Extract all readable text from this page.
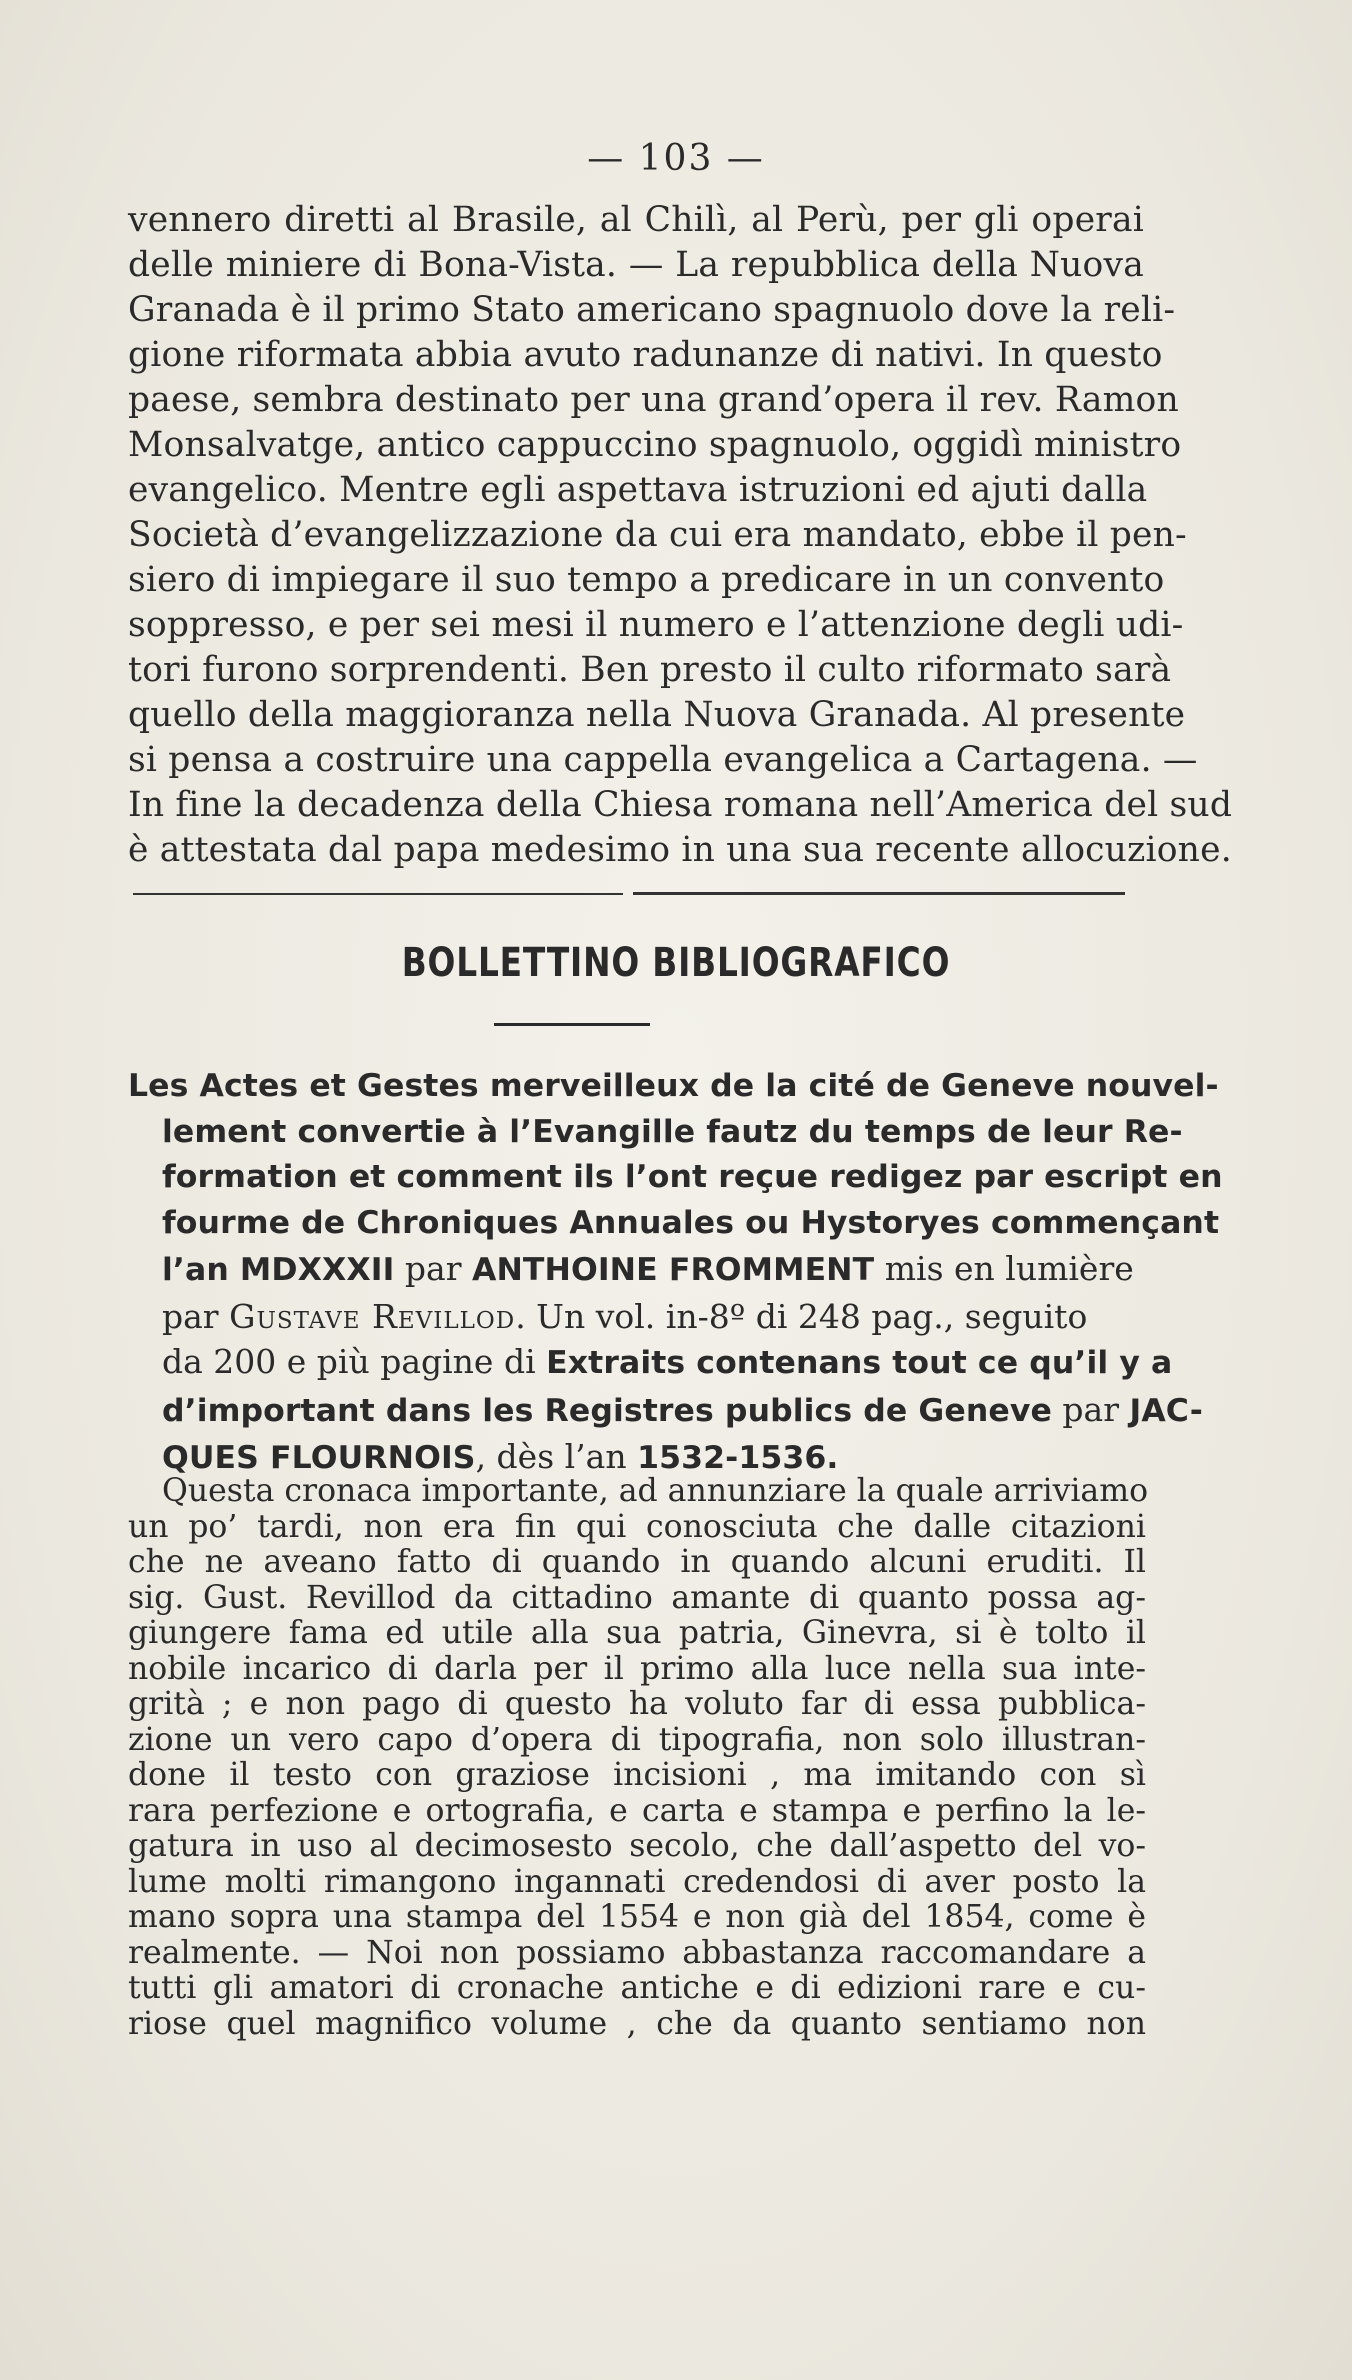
— 103 —
vennero diretti al Brasile, al Chilì, al Perù, per gli operai
delle miniere di Bona-Vista. — La repubblica della Nuova
Granada è il primo Stato americano spagnuolo dove la reli-
gione riformata abbia avuto radunanze di nativi. In questo
paese, sembra destinato per una grand’opera il rev. Ramon
Monsalvatge, antico cappuccino spagnuolo, oggidì ministro
evangelico. Mentre egli aspettava istruzioni ed ajuti dalla
Società d’evangelizzazione da cui era mandato, ebbe il pen-
siero di impiegare il suo tempo a predicare in un convento
soppresso, e per sei mesi il numero e l’attenzione degli udi-
tori furono sorprendenti. Ben presto il culto riformato sarà
quello della maggioranza nella Nuova Granada. Al presente
si pensa a costruire una cappella evangelica a Cartagena. —
In fine la decadenza della Chiesa romana nell’America del sud
è attestata dal papa medesimo in una sua recente allocuzione.
BOLLETTINO BIBLIOGRAFICO
Les Actes et Gestes merveilleux de la cité de Geneve nouvel-
lement convertie à l’Evangille fautz du temps de leur Re-
formation et comment ils l’ont reçue redigez par escript en
fourme de Chroniques Annuales ou Hystoryes commençant
l’an MDXXXII par ANTHOINE FROMMENT mis en lumière
par Gustave Revillod. Un vol. in-8º di 248 pag., seguito
da 200 e più pagine di Extraits contenans tout ce qu’il y a
d’important dans les Registres publics de Geneve par JAC-
QUES FLOURNOIS, dès l’an 1532-1536.
Questa cronaca importante, ad annunziare la quale arriviamo
un po’ tardi, non era fin qui conosciuta che dalle citazioni
che ne aveano fatto di quando in quando alcuni eruditi. Il
sig. Gust. Revillod da cittadino amante di quanto possa ag-
giungere fama ed utile alla sua patria, Ginevra, si è tolto il
nobile incarico di darla per il primo alla luce nella sua inte-
grità ; e non pago di questo ha voluto far di essa pubblica-
zione un vero capo d’opera di tipografia, non solo illustran-
done il testo con graziose incisioni , ma imitando con sì
rara perfezione e ortografia, e carta e stampa e perfino la le-
gatura in uso al decimosesto secolo, che dall’aspetto del vo-
lume molti rimangono ingannati credendosi di aver posto la
mano sopra una stampa del 1554 e non già del 1854, come è
realmente. — Noi non possiamo abbastanza raccomandare a
tutti gli amatori di cronache antiche e di edizioni rare e cu-
riose quel magnifico volume , che da quanto sentiamo non
